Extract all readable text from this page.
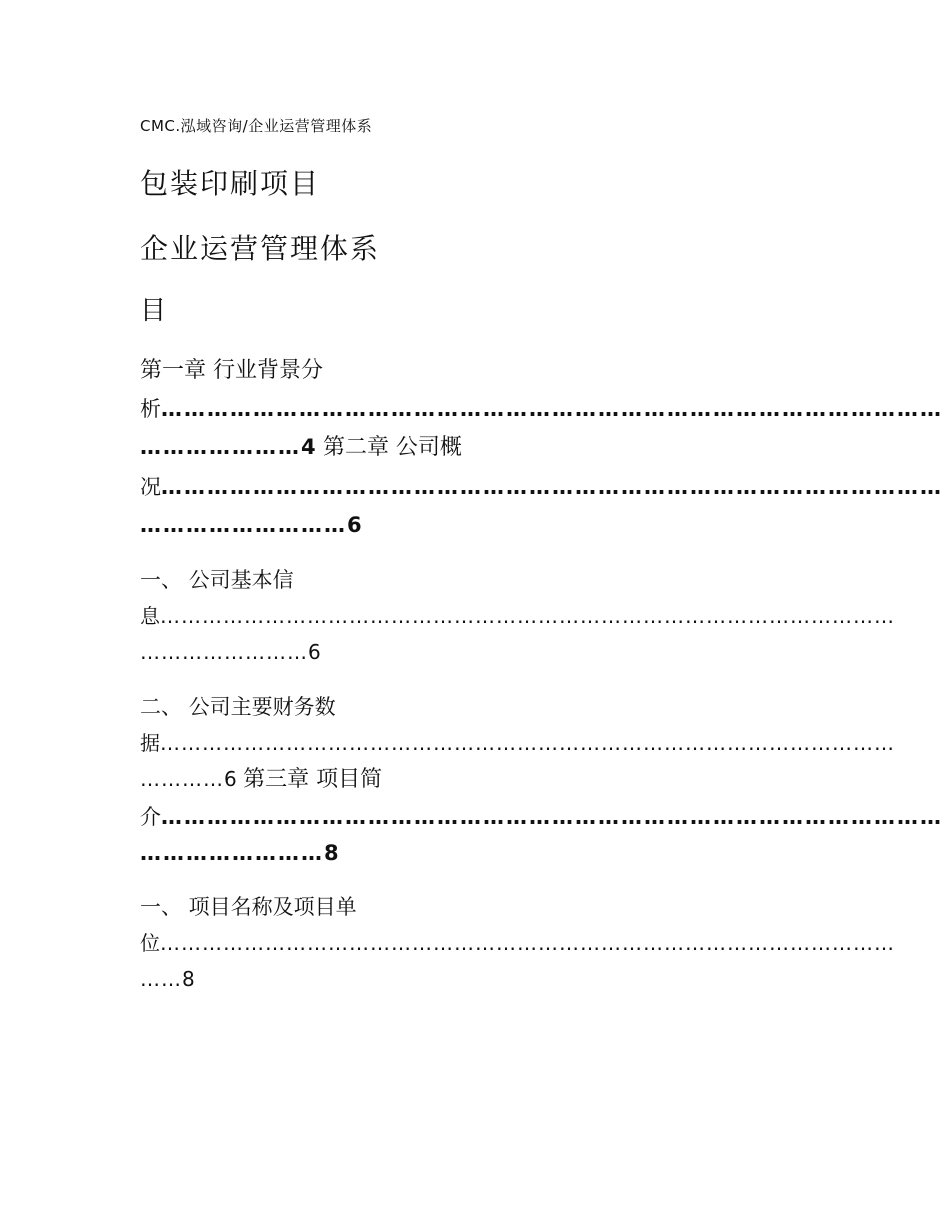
CMC.泓域咨询/企业运营管理体系
包装印刷项目
企业运营管理体系
目
第一章 行业背景分
析…………………………………………………………………………………………
…………………4 第二章 公司概
况…………………………………………………………………………………………
………………………6
一、 公司基本信
息……………………………………………………………………………………………
……………………6
二、 公司主要财务数
据……………………………………………………………………………………………
…………6 第三章 项目简
介…………………………………………………………………………………………
……………………8
一、 项目名称及项目单
位……………………………………………………………………………………………
……8
